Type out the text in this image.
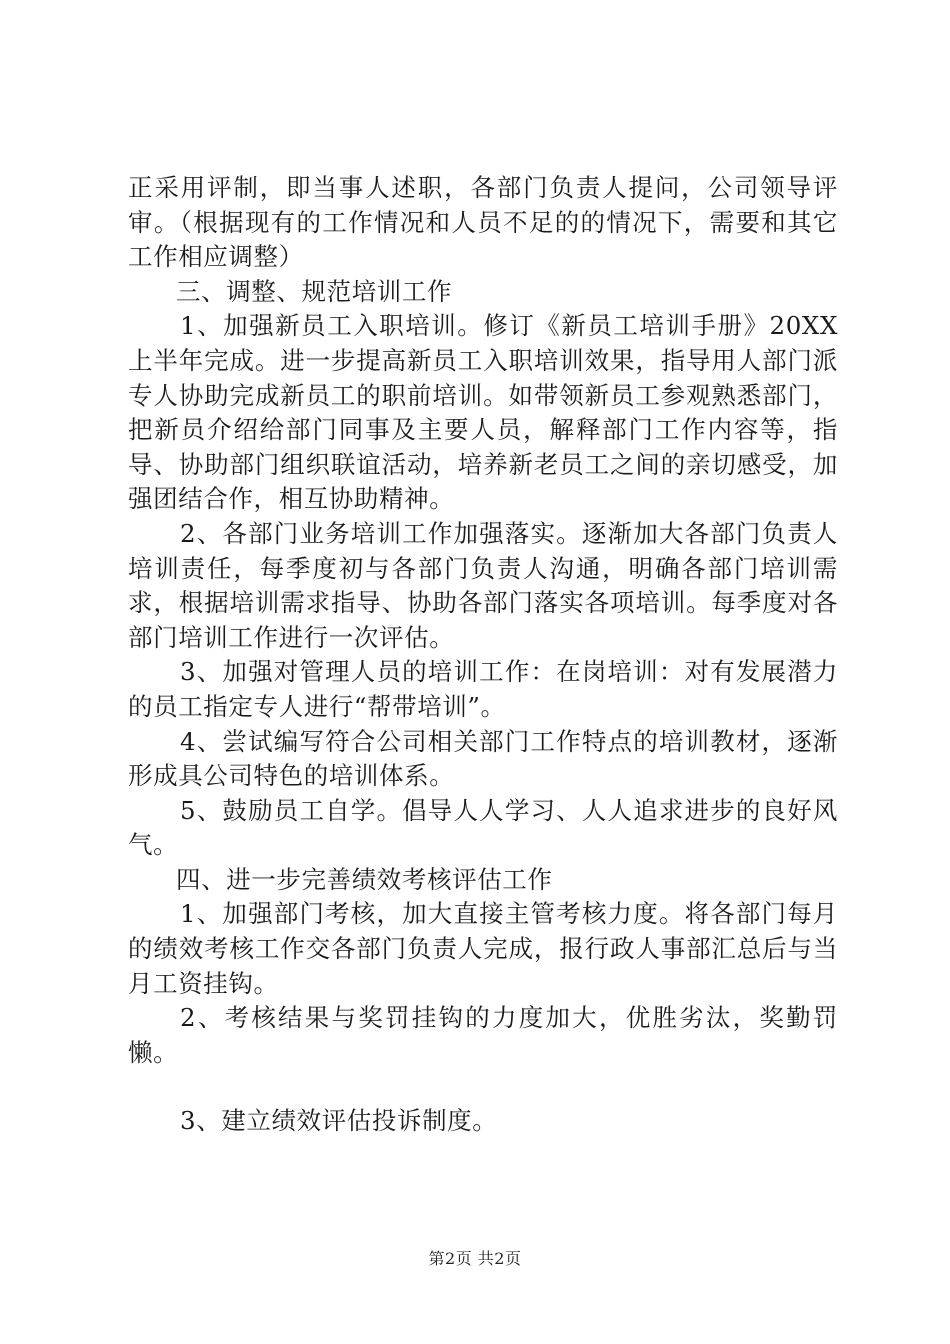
正采用评制，即当事人述职，各部门负责人提问，公司领导评审。（根据现有的工作情况和人员不足的的情况下，需要和其它工作相应调整）

三、调整、规范培训工作

1、加强新员工入职培训。修订《新员工培训手册》20XX上半年完成。进一步提高新员工入职培训效果，指导用人部门派专人协助完成新员工的职前培训。如带领新员工参观熟悉部门，把新员介绍给部门同事及主要人员，解释部门工作内容等，指导、协助部门组织联谊活动，培养新老员工之间的亲切感受，加强团结合作，相互协助精神。

2、各部门业务培训工作加强落实。逐渐加大各部门负责人培训责任，每季度初与各部门负责人沟通，明确各部门培训需求，根据培训需求指导、协助各部门落实各项培训。每季度对各部门培训工作进行一次评估。

3、加强对管理人员的培训工作：在岗培训：对有发展潜力的员工指定专人进行“帮带培训”。

4、尝试编写符合公司相关部门工作特点的培训教材，逐渐形成具公司特色的培训体系。

5、鼓励员工自学。倡导人人学习、人人追求进步的良好风气。

四、进一步完善绩效考核评估工作

1、加强部门考核，加大直接主管考核力度。将各部门每月的绩效考核工作交各部门负责人完成，报行政人事部汇总后与当月工资挂钩。

2、考核结果与奖罚挂钩的力度加大，优胜劣汰，奖勤罚懒。

3、建立绩效评估投诉制度。

第2页 共2页
